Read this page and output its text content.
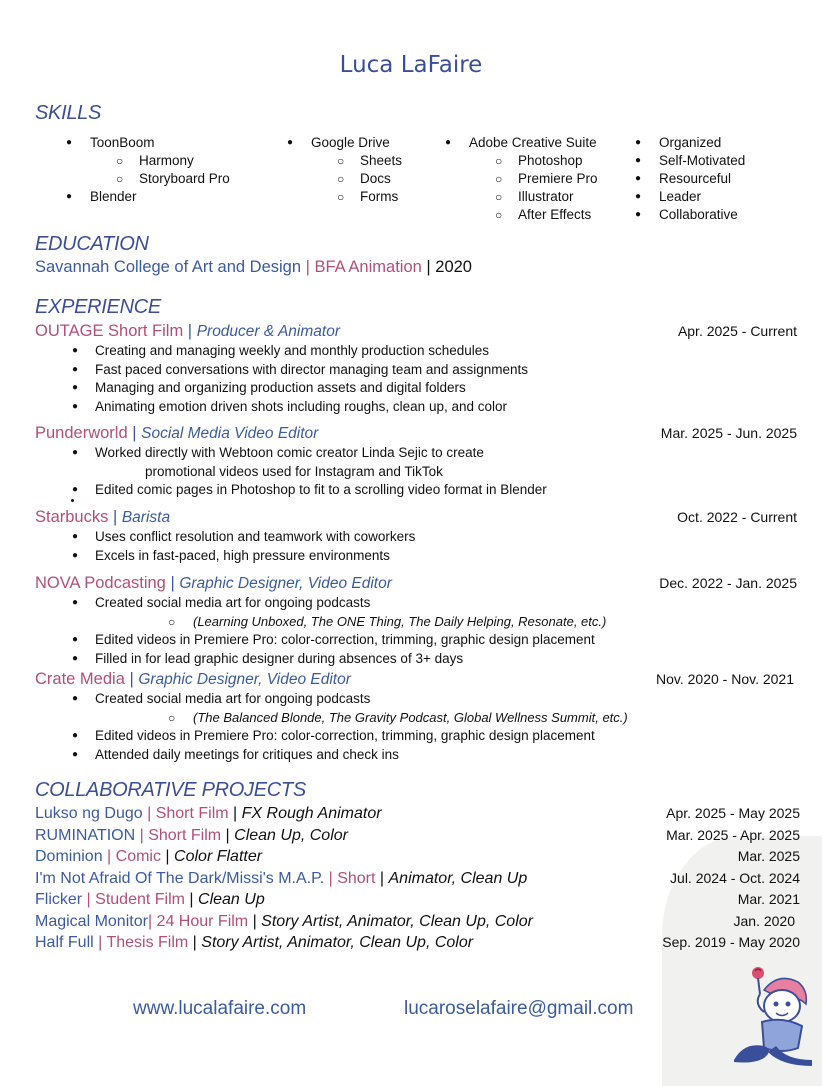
Luca LaFaire
SKILLS
● ToonBoom
○ Harmony
○ Storyboard Pro
● Blender
● Google Drive
○ Sheets
○ Docs
○ Forms
● Adobe Creative Suite
○ Photoshop
○ Premiere Pro
○ Illustrator
○ After Effects
● Organized
● Self-Motivated
● Resourceful
● Leader
● Collaborative
EDUCATION
Savannah College of Art and Design | BFA Animation | 2020
EXPERIENCE
OUTAGE Short Film | Producer & Animator	Apr. 2025 - Current
● Creating and managing weekly and monthly production schedules
● Fast paced conversations with director managing team and assignments
● Managing and organizing production assets and digital folders
● Animating emotion driven shots including roughs, clean up, and color
Punderworld | Social Media Video Editor	Mar. 2025 - Jun. 2025
● Worked directly with Webtoon comic creator Linda Sejic to create
promotional videos used for Instagram and TikTok
● Edited comic pages in Photoshop to fit to a scrolling video format in Blender
Starbucks | Barista	Oct. 2022 - Current
● Uses conflict resolution and teamwork with coworkers
● Excels in fast-paced, high pressure environments
NOVA Podcasting | Graphic Designer, Video Editor	Dec. 2022 - Jan. 2025
● Created social media art for ongoing podcasts
○ (Learning Unboxed, The ONE Thing, The Daily Helping, Resonate, etc.)
● Edited videos in Premiere Pro: color-correction, trimming, graphic design placement
● Filled in for lead graphic designer during absences of 3+ days
Crate Media | Graphic Designer, Video Editor	Nov. 2020 - Nov. 2021
● Created social media art for ongoing podcasts
○ (The Balanced Blonde, The Gravity Podcast, Global Wellness Summit, etc.)
● Edited videos in Premiere Pro: color-correction, trimming, graphic design placement
● Attended daily meetings for critiques and check ins
COLLABORATIVE PROJECTS
Lukso ng Dugo | Short Film | FX Rough Animator	Apr. 2025 - May 2025
RUMINATION | Short Film | Clean Up, Color	Mar. 2025 - Apr. 2025
Dominion | Comic | Color Flatter	Mar. 2025
I'm Not Afraid Of The Dark/Missi's M.A.P. | Short | Animator, Clean Up	Jul. 2024 - Oct. 2024
Flicker | Student Film | Clean Up	Mar. 2021
Magical Monitor| 24 Hour Film | Story Artist, Animator, Clean Up, Color	Jan. 2020
Half Full | Thesis Film | Story Artist, Animator, Clean Up, Color	Sep. 2019 - May 2020
www.lucalafaire.com	lucaroselafaire@gmail.com
